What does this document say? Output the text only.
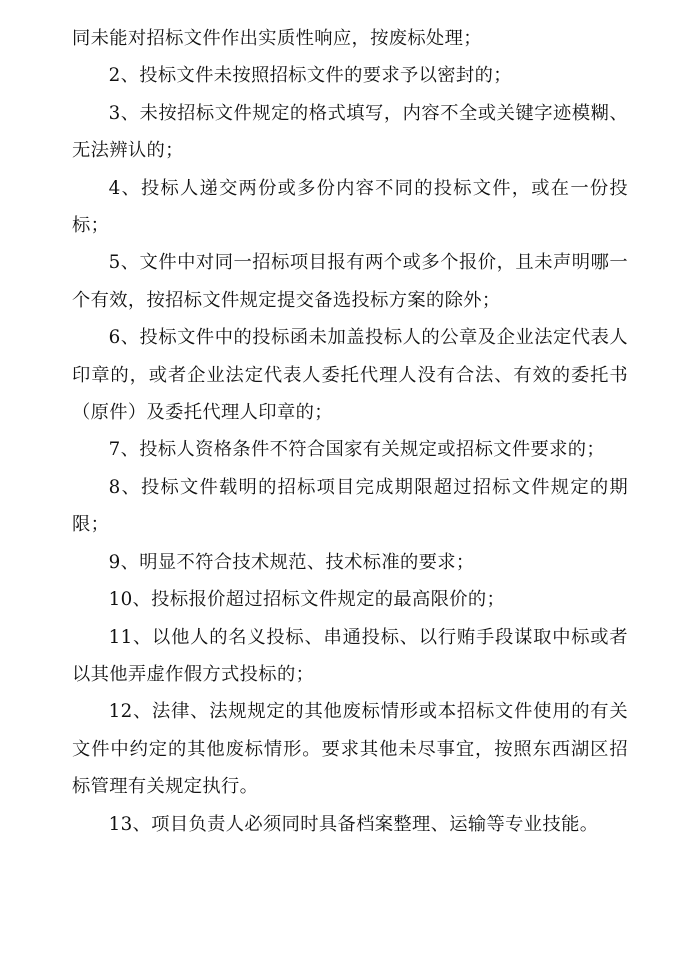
同未能对招标文件作出实质性响应，按废标处理；

2、投标文件未按照招标文件的要求予以密封的；

3、未按招标文件规定的格式填写，内容不全或关键字迹模糊、无法辨认的；

4、投标人递交两份或多份内容不同的投标文件，或在一份投标；

5、文件中对同一招标项目报有两个或多个报价，且未声明哪一个有效，按招标文件规定提交备选投标方案的除外；

6、投标文件中的投标函未加盖投标人的公章及企业法定代表人印章的，或者企业法定代表人委托代理人没有合法、有效的委托书（原件）及委托代理人印章的；

7、投标人资格条件不符合国家有关规定或招标文件要求的；

8、投标文件载明的招标项目完成期限超过招标文件规定的期限；

9、明显不符合技术规范、技术标准的要求；

10、投标报价超过招标文件规定的最高限价的；

11、以他人的名义投标、串通投标、以行贿手段谋取中标或者以其他弄虚作假方式投标的；

12、法律、法规规定的其他废标情形或本招标文件使用的有关文件中约定的其他废标情形。要求其他未尽事宜，按照东西湖区招标管理有关规定执行。

13、项目负责人必须同时具备档案整理、运输等专业技能。
